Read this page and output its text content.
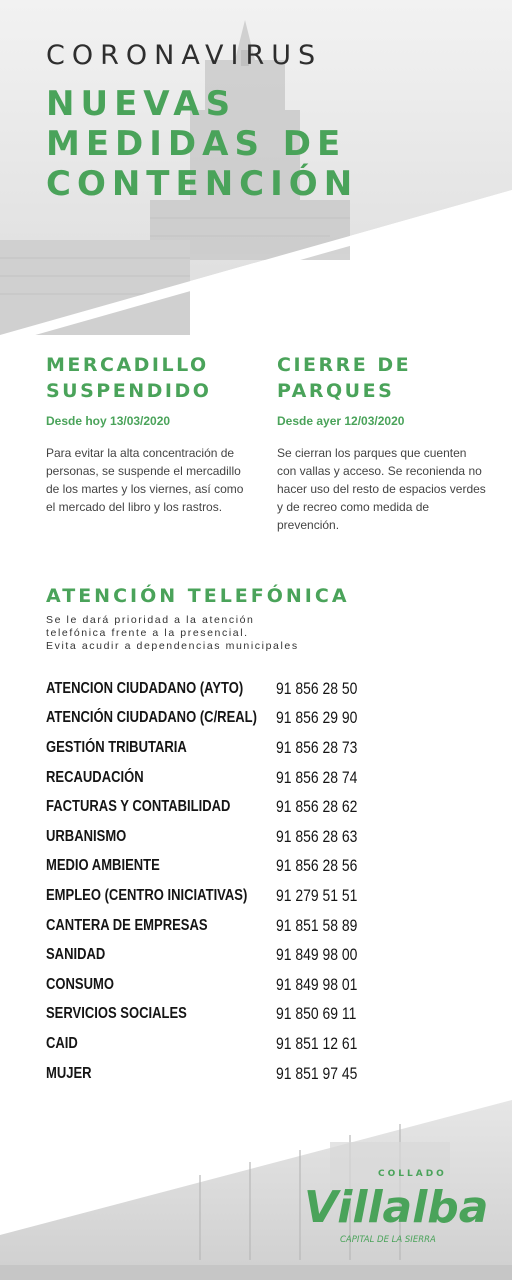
CORONAVIRUS
NUEVAS
MEDIDAS DE
CONTENCIÓN
MERCADILLO
SUSPENDIDO
Desde hoy 13/03/2020
Para evitar la alta concentración de personas, se suspende el mercadillo de los martes y los viernes, así como el mercado del libro y los rastros.
CIERRE DE
PARQUES
Desde ayer 12/03/2020
Se cierran los parques que cuenten con vallas y acceso. Se reconienda no hacer uso del resto de espacios verdes y de recreo como medida de prevención.
ATENCIÓN TELEFÓNICA
Se le dará prioridad a la atención
telefónica frente a la presencial.
Evita acudir a dependencias municipales
ATENCION CIUDADANO (AYTO) 91 856 28 50
ATENCIÓN CIUDADANO (C/REAL) 91 856 29 90
GESTIÓN TRIBUTARIA	91 856 28 73
RECAUDACIÓN	91 856 28 74
FACTURAS Y CONTABILIDAD	91 856 28 62
URBANISMO	91 856 28 63
MEDIO AMBIENTE	91 856 28 56
EMPLEO (CENTRO INICIATIVAS) 91 279 51 51
CANTERA DE EMPRESAS	91 851 58 89
SANIDAD	91 849 98 00
CONSUMO	91 849 98 01
SERVICIOS SOCIALES	91 850 69 11
CAID	91 851 12 61
MUJER	91 851 97 45
COLLADO
Villalba
CAPITAL DE LA SIERRA
